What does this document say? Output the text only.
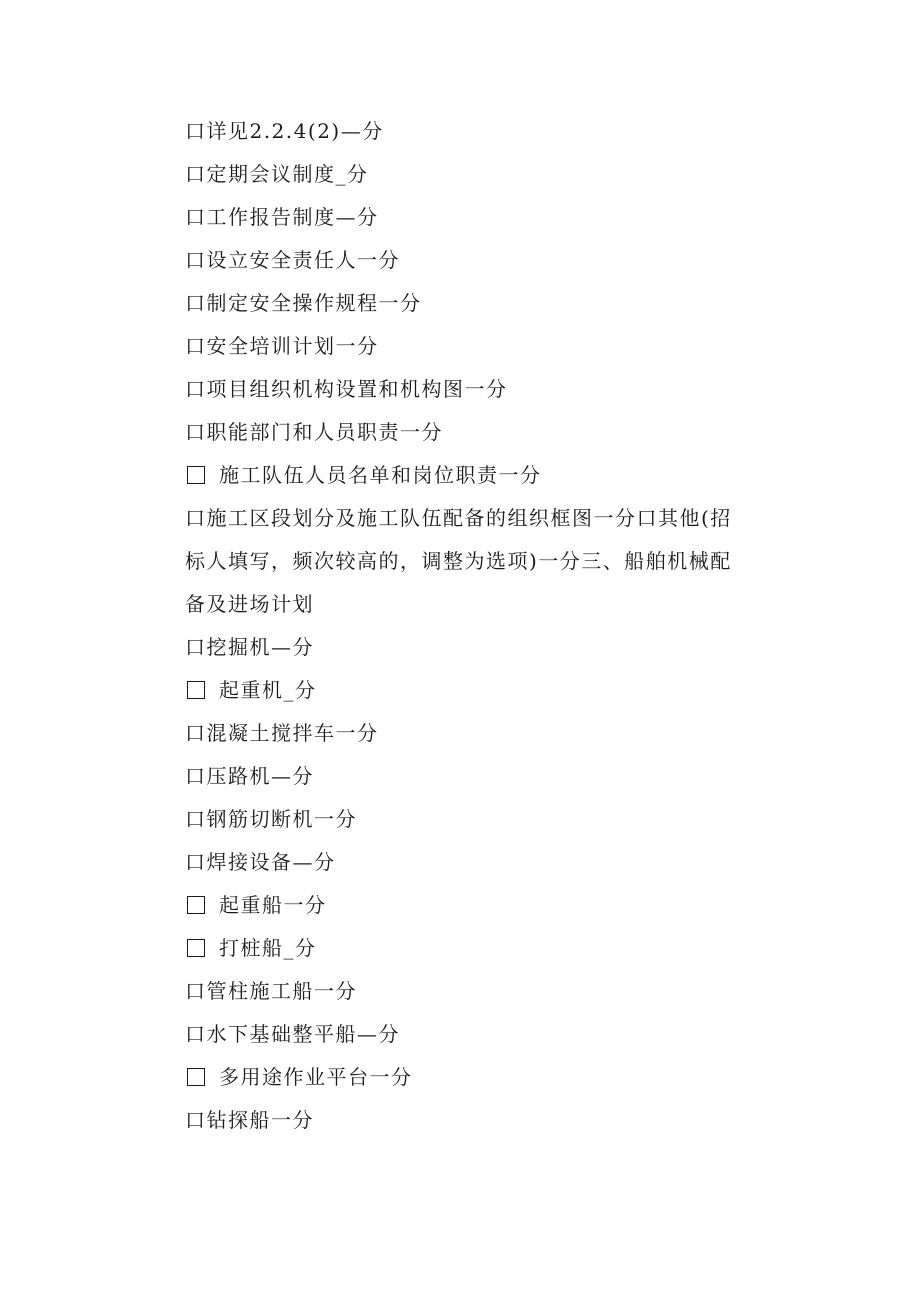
口详见2.2.4(2)—分
口定期会议制度_分
口工作报告制度—分
口设立安全责任人一分
口制定安全操作规程一分
口安全培训计划一分
口项目组织机构设置和机构图一分
口职能部门和人员职责一分
施工队伍人员名单和岗位职责一分
口施工区段划分及施工队伍配备的组织框图一分口其他(招
标人填写，频次较高的，调整为选项)一分三、船舶机械配
备及进场计划
口挖掘机—分
起重机_分
口混凝土搅拌车一分
口压路机—分
口钢筋切断机一分
口焊接设备—分
起重船一分
打桩船_分
口管柱施工船一分
口水下基础整平船—分
多用途作业平台一分
口钻探船一分
